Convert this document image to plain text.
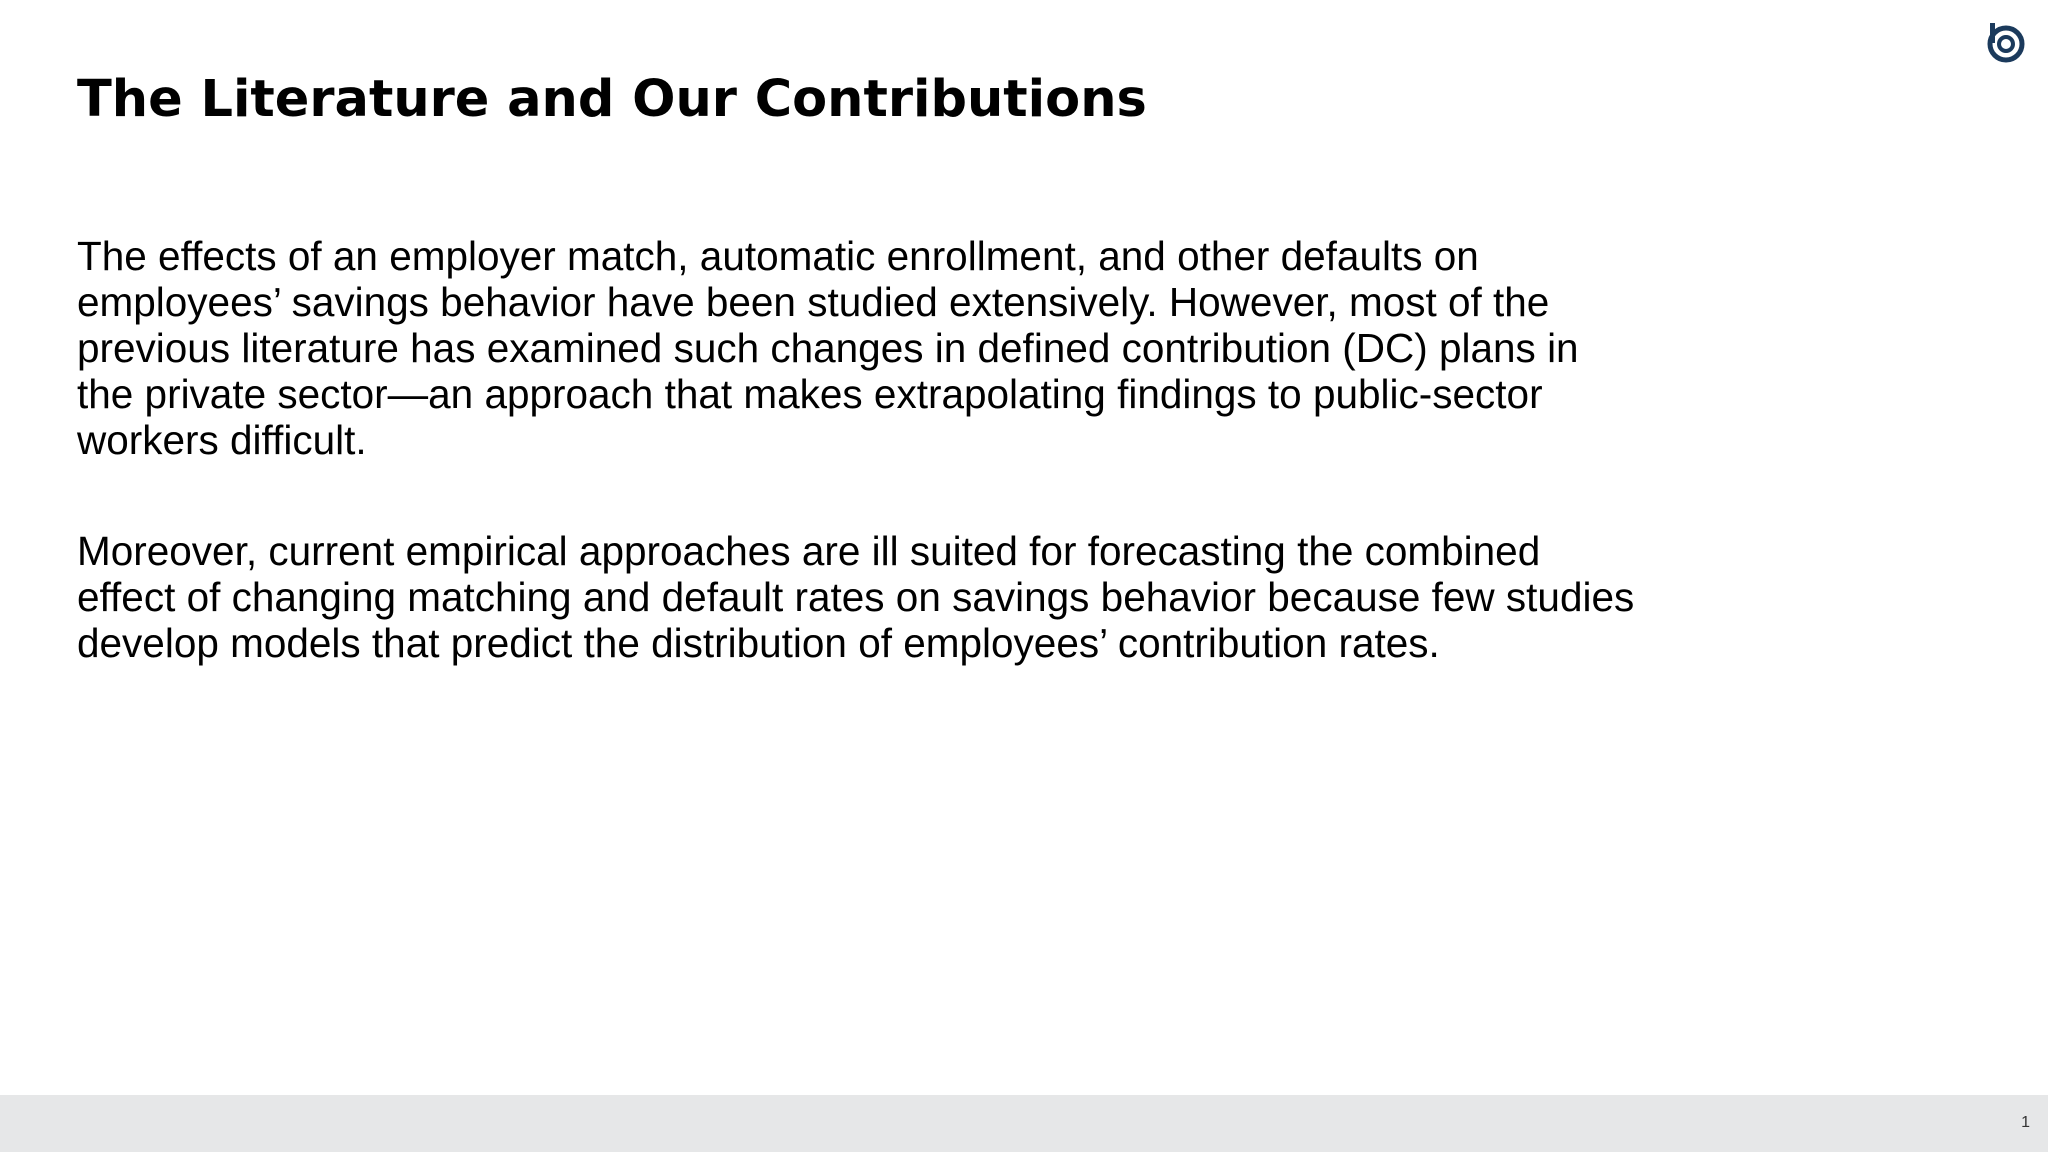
The Literature and Our Contributions

The effects of an employer match, automatic enrollment, and other defaults on employees’ savings behavior have been studied extensively. However, most of the previous literature has examined such changes in defined contribution (DC) plans in the private sector—an approach that makes extrapolating findings to public-sector workers difficult.

Moreover, current empirical approaches are ill suited for forecasting the combined effect of changing matching and default rates on savings behavior because few studies develop models that predict the distribution of employees’ contribution rates.

1
